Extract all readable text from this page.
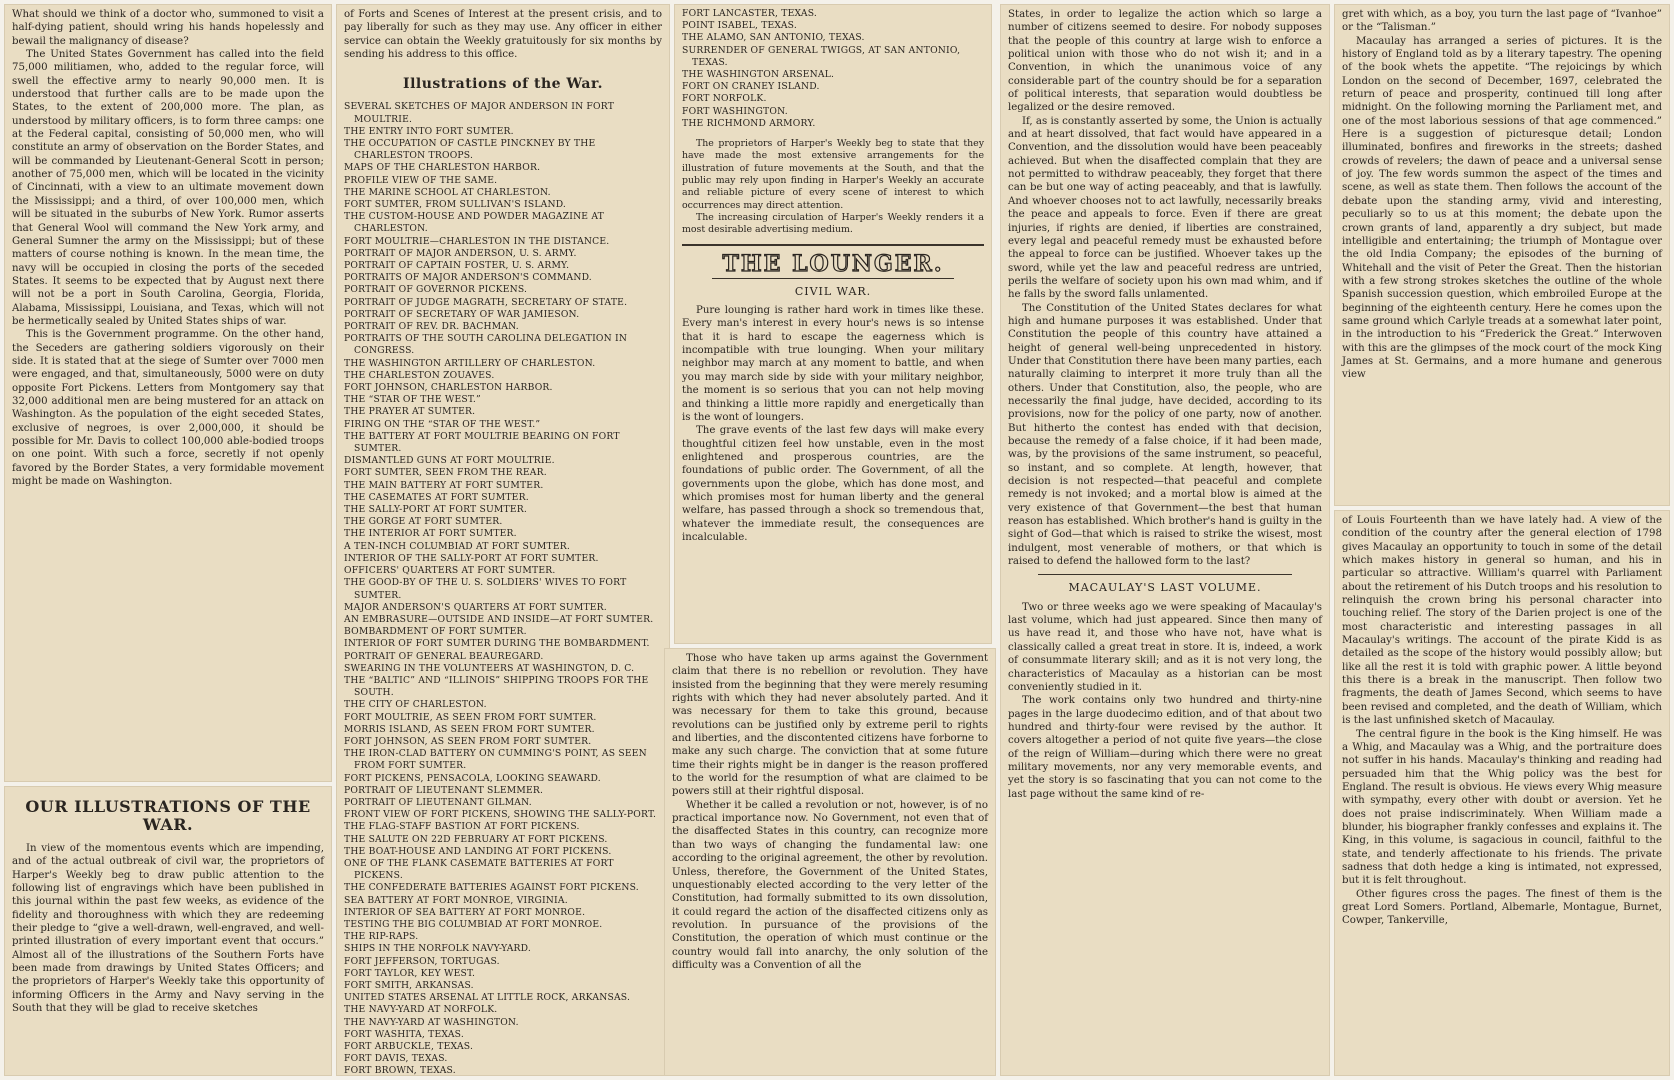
What should we think of a doctor who, summoned to visit a half-dying patient, should wring his hands hopelessly and bewail the malignancy of disease?

The United States Government has called into the field 75,000 militiamen, who, added to the regular force, will swell the effective army to nearly 90,000 men. It is understood that further calls are to be made upon the States, to the extent of 200,000 more. The plan, as understood by military officers, is to form three camps: one at the Federal capital, consisting of 50,000 men, who will constitute an army of observation on the Border States, and will be commanded by Lieutenant-General Scott in person; another of 75,000 men, which will be located in the vicinity of Cincinnati, with a view to an ultimate movement down the Mississippi; and a third, of over 100,000 men, which will be situated in the suburbs of New York. Rumor asserts that General Wool will command the New York army, and General Sumner the army on the Mississippi; but of these matters of course nothing is known. In the mean time, the navy will be occupied in closing the ports of the seceded States. It seems to be expected that by August next there will not be a port in South Carolina, Georgia, Florida, Alabama, Mississippi, Louisiana, and Texas, which will not be hermetically sealed by United States ships of war.

This is the Government programme. On the other hand, the Seceders are gathering soldiers vigorously on their side. It is stated that at the siege of Sumter over 7000 men were engaged, and that, simultaneously, 5000 were on duty opposite Fort Pickens. Letters from Montgomery say that 32,000 additional men are being mustered for an attack on Washington. As the population of the eight seceded States, exclusive of negroes, is over 2,000,000, it should be possible for Mr. Davis to collect 100,000 able-bodied troops on one point. With such a force, secretly if not openly favored by the Border States, a very formidable movement might be made on Washington.

OUR ILLUSTRATIONS OF THE WAR.

In view of the momentous events which are impending, and of the actual outbreak of civil war, the proprietors of Harper's Weekly beg to draw public attention to the following list of engravings which have been published in this journal within the past few weeks, as evidence of the fidelity and thoroughness with which they are redeeming their pledge to “give a well-drawn, well-engraved, and well-printed illustration of every important event that occurs.” Almost all of the illustrations of the Southern Forts have been made from drawings by United States Officers; and the proprietors of Harper's Weekly take this opportunity of informing Officers in the Army and Navy serving in the South that they will be glad to receive sketches

of Forts and Scenes of Interest at the present crisis, and to pay liberally for such as they may use. Any officer in either service can obtain the Weekly gratuitously for six months by sending his address to this office.

Illustrations of the War.
SEVERAL SKETCHES OF MAJOR ANDERSON IN FORT MOULTRIE.
THE ENTRY INTO FORT SUMTER.
THE OCCUPATION OF CASTLE PINCKNEY BY THE CHARLESTON TROOPS.
MAPS OF THE CHARLESTON HARBOR.
PROFILE VIEW OF THE SAME.
THE MARINE SCHOOL AT CHARLESTON.
FORT SUMTER, FROM SULLIVAN'S ISLAND.
THE CUSTOM-HOUSE AND POWDER MAGAZINE AT CHARLESTON.
FORT MOULTRIE—CHARLESTON IN THE DISTANCE.
PORTRAIT OF MAJOR ANDERSON, U. S. ARMY.
PORTRAIT OF CAPTAIN FOSTER, U. S. ARMY.
PORTRAITS OF MAJOR ANDERSON'S COMMAND.
PORTRAIT OF GOVERNOR PICKENS.
PORTRAIT OF JUDGE MAGRATH, SECRETARY OF STATE.
PORTRAIT OF SECRETARY OF WAR JAMIESON.
PORTRAIT OF REV. DR. BACHMAN.
PORTRAITS OF THE SOUTH CAROLINA DELEGATION IN CONGRESS.
THE WASHINGTON ARTILLERY OF CHARLESTON.
THE CHARLESTON ZOUAVES.
FORT JOHNSON, CHARLESTON HARBOR.
THE “STAR OF THE WEST.”
THE PRAYER AT SUMTER.
FIRING ON THE “STAR OF THE WEST.”
THE BATTERY AT FORT MOULTRIE BEARING ON FORT SUMTER.
DISMANTLED GUNS AT FORT MOULTRIE.
FORT SUMTER, SEEN FROM THE REAR.
THE MAIN BATTERY AT FORT SUMTER.
THE CASEMATES AT FORT SUMTER.
THE SALLY-PORT AT FORT SUMTER.
THE GORGE AT FORT SUMTER.
THE INTERIOR AT FORT SUMTER.
A TEN-INCH COLUMBIAD AT FORT SUMTER.
INTERIOR OF THE SALLY-PORT AT FORT SUMTER.
OFFICERS' QUARTERS AT FORT SUMTER.
THE GOOD-BY OF THE U. S. SOLDIERS' WIVES TO FORT SUMTER.
MAJOR ANDERSON'S QUARTERS AT FORT SUMTER.
AN EMBRASURE—OUTSIDE AND INSIDE—AT FORT SUMTER.
BOMBARDMENT OF FORT SUMTER.
INTERIOR OF FORT SUMTER DURING THE BOMBARDMENT.
PORTRAIT OF GENERAL BEAUREGARD.
SWEARING IN THE VOLUNTEERS AT WASHINGTON, D. C.
THE “BALTIC” AND “ILLINOIS” SHIPPING TROOPS FOR THE SOUTH.
THE CITY OF CHARLESTON.
FORT MOULTRIE, AS SEEN FROM FORT SUMTER.
MORRIS ISLAND, AS SEEN FROM FORT SUMTER.
FORT JOHNSON, AS SEEN FROM FORT SUMTER.
THE IRON-CLAD BATTERY ON CUMMING'S POINT, AS SEEN FROM FORT SUMTER.
FORT PICKENS, PENSACOLA, LOOKING SEAWARD.
PORTRAIT OF LIEUTENANT SLEMMER.
PORTRAIT OF LIEUTENANT GILMAN.
FRONT VIEW OF FORT PICKENS, SHOWING THE SALLY-PORT.
THE FLAG-STAFF BASTION AT FORT PICKENS.
THE SALUTE ON 22D FEBRUARY AT FORT PICKENS.
THE BOAT-HOUSE AND LANDING AT FORT PICKENS.
ONE OF THE FLANK CASEMATE BATTERIES AT FORT PICKENS.
THE CONFEDERATE BATTERIES AGAINST FORT PICKENS.
SEA BATTERY AT FORT MONROE, VIRGINIA.
INTERIOR OF SEA BATTERY AT FORT MONROE.
TESTING THE BIG COLUMBIAD AT FORT MONROE.
THE RIP-RAPS.
SHIPS IN THE NORFOLK NAVY-YARD.
FORT JEFFERSON, TORTUGAS.
FORT TAYLOR, KEY WEST.
FORT SMITH, ARKANSAS.
UNITED STATES ARSENAL AT LITTLE ROCK, ARKANSAS.
THE NAVY-YARD AT NORFOLK.
THE NAVY-YARD AT WASHINGTON.
FORT WASHITA, TEXAS.
FORT ARBUCKLE, TEXAS.
FORT DAVIS, TEXAS.
FORT BROWN, TEXAS.
FORT LANCASTER, TEXAS.
POINT ISABEL, TEXAS.
THE ALAMO, SAN ANTONIO, TEXAS.
SURRENDER OF GENERAL TWIGGS, AT SAN ANTONIO, TEXAS.
THE WASHINGTON ARSENAL.
FORT ON CRANEY ISLAND.
FORT NORFOLK.
FORT WASHINGTON.
THE RICHMOND ARMORY.

The proprietors of Harper's Weekly beg to state that they have made the most extensive arrangements for the illustration of future movements at the South, and that the public may rely upon finding in Harper's Weekly an accurate and reliable picture of every scene of interest to which occurrences may direct attention.

The increasing circulation of Harper's Weekly renders it a most desirable advertising medium.

THE LOUNGER.
CIVIL WAR.

Pure lounging is rather hard work in times like these. Every man's interest in every hour's news is so intense that it is hard to escape the eagerness which is incompatible with true lounging. When your military neighbor may march at any moment to battle, and when you may march side by side with your military neighbor, the moment is so serious that you can not help moving and thinking a little more rapidly and energetically than is the wont of loungers.

The grave events of the last few days will make every thoughtful citizen feel how unstable, even in the most enlightened and prosperous countries, are the foundations of public order. The Government, of all the governments upon the globe, which has done most, and which promises most for human liberty and the general welfare, has passed through a shock so tremendous that, whatever the immediate result, the consequences are incalculable.

Those who have taken up arms against the Government claim that there is no rebellion or revolution. They have insisted from the beginning that they were merely resuming rights with which they had never absolutely parted. And it was necessary for them to take this ground, because revolutions can be justified only by extreme peril to rights and liberties, and the discontented citizens have forborne to make any such charge. The conviction that at some future time their rights might be in danger is the reason proffered to the world for the resumption of what are claimed to be powers still at their rightful disposal.

Whether it be called a revolution or not, however, is of no practical importance now. No Government, not even that of the disaffected States in this country, can recognize more than two ways of changing the fundamental law: one according to the original agreement, the other by revolution. Unless, therefore, the Government of the United States, unquestionably elected according to the very letter of the Constitution, had formally submitted to its own dissolution, it could regard the action of the disaffected citizens only as revolution. In pursuance of the provisions of the Constitution, the operation of which must continue or the country would fall into anarchy, the only solution of the difficulty was a Convention of all the

States, in order to legalize the action which so large a number of citizens seemed to desire. For nobody supposes that the people of this country at large wish to enforce a political union with those who do not wish it; and in a Convention, in which the unanimous voice of any considerable part of the country should be for a separation of political interests, that separation would doubtless be legalized or the desire removed.

If, as is constantly asserted by some, the Union is actually and at heart dissolved, that fact would have appeared in a Convention, and the dissolution would have been peaceably achieved. But when the disaffected complain that they are not permitted to withdraw peaceably, they forget that there can be but one way of acting peaceably, and that is lawfully. And whoever chooses not to act lawfully, necessarily breaks the peace and appeals to force. Even if there are great injuries, if rights are denied, if liberties are constrained, every legal and peaceful remedy must be exhausted before the appeal to force can be justified. Whoever takes up the sword, while yet the law and peaceful redress are untried, perils the welfare of society upon his own mad whim, and if he falls by the sword falls unlamented.

The Constitution of the United States declares for what high and humane purposes it was established. Under that Constitution the people of this country have attained a height of general well-being unprecedented in history. Under that Constitution there have been many parties, each naturally claiming to interpret it more truly than all the others. Under that Constitution, also, the people, who are necessarily the final judge, have decided, according to its provisions, now for the policy of one party, now of another. But hitherto the contest has ended with that decision, because the remedy of a false choice, if it had been made, was, by the provisions of the same instrument, so peaceful, so instant, and so complete. At length, however, that decision is not respected—that peaceful and complete remedy is not invoked; and a mortal blow is aimed at the very existence of that Government—the best that human reason has established. Which brother's hand is guilty in the sight of God—that which is raised to strike the wisest, most indulgent, most venerable of mothers, or that which is raised to defend the hallowed form to the last?

MACAULAY'S LAST VOLUME.

Two or three weeks ago we were speaking of Macaulay's last volume, which had just appeared. Since then many of us have read it, and those who have not, have what is classically called a great treat in store. It is, indeed, a work of consummate literary skill; and as it is not very long, the characteristics of Macaulay as a historian can be most conveniently studied in it.

The work contains only two hundred and thirty-nine pages in the large duodecimo edition, and of that about two hundred and thirty-four were revised by the author. It covers altogether a period of not quite five years—the close of the reign of William—during which there were no great military movements, nor any very memorable events, and yet the story is so fascinating that you can not come to the last page without the same kind of re-

gret with which, as a boy, you turn the last page of “Ivanhoe” or the “Talisman.”

Macaulay has arranged a series of pictures. It is the history of England told as by a literary tapestry. The opening of the book whets the appetite. “The rejoicings by which London on the second of December, 1697, celebrated the return of peace and prosperity, continued till long after midnight. On the following morning the Parliament met, and one of the most laborious sessions of that age commenced.” Here is a suggestion of picturesque detail; London illuminated, bonfires and fireworks in the streets; dashed crowds of revelers; the dawn of peace and a universal sense of joy. The few words summon the aspect of the times and scene, as well as state them. Then follows the account of the debate upon the standing army, vivid and interesting, peculiarly so to us at this moment; the debate upon the crown grants of land, apparently a dry subject, but made intelligible and entertaining; the triumph of Montague over the old India Company; the episodes of the burning of Whitehall and the visit of Peter the Great. Then the historian with a few strong strokes sketches the outline of the whole Spanish succession question, which embroiled Europe at the beginning of the eighteenth century. Here he comes upon the same ground which Carlyle treads at a somewhat later point, in the introduction to his “Frederick the Great.” Interwoven with this are the glimpses of the mock court of the mock King James at St. Germains, and a more humane and generous view

of Louis Fourteenth than we have lately had. A view of the condition of the country after the general election of 1798 gives Macaulay an opportunity to touch in some of the detail which makes history in general so human, and his in particular so attractive. William's quarrel with Parliament about the retirement of his Dutch troops and his resolution to relinquish the crown bring his personal character into touching relief. The story of the Darien project is one of the most characteristic and interesting passages in all Macaulay's writings. The account of the pirate Kidd is as detailed as the scope of the history would possibly allow; but like all the rest it is told with graphic power. A little beyond this there is a break in the manuscript. Then follow two fragments, the death of James Second, which seems to have been revised and completed, and the death of William, which is the last unfinished sketch of Macaulay.

The central figure in the book is the King himself. He was a Whig, and Macaulay was a Whig, and the portraiture does not suffer in his hands. Macaulay's thinking and reading had persuaded him that the Whig policy was the best for England. The result is obvious. He views every Whig measure with sympathy, every other with doubt or aversion. Yet he does not praise indiscriminately. When William made a blunder, his biographer frankly confesses and explains it. The King, in this volume, is sagacious in council, faithful to the state, and tenderly affectionate to his friends. The private sadness that doth hedge a king is intimated, not expressed, but it is felt throughout.

Other figures cross the pages. The finest of them is the great Lord Somers. Portland, Albemarle, Montague, Burnet, Cowper, Tankerville,
